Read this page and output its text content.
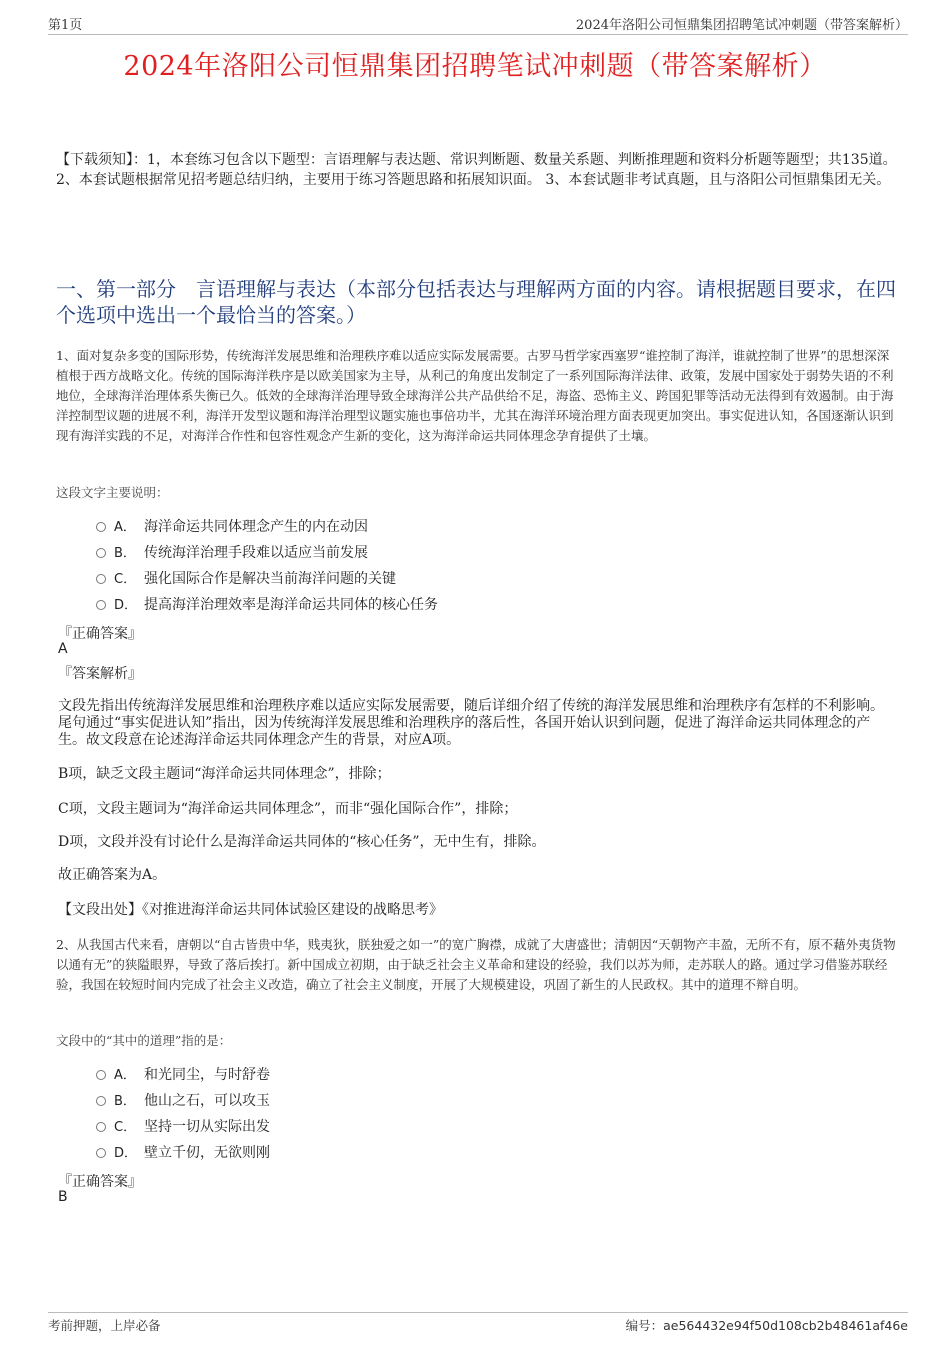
第1页	2024年洛阳公司恒鼎集团招聘笔试冲刺题（带答案解析）
2024年洛阳公司恒鼎集团招聘笔试冲刺题（带答案解析）
【下载须知】：1，本套练习包含以下题型：言语理解与表达题、常识判断题、数量关系题、判断推理题和资料分析题等题型；共135道。 2、本套试题根据常见招考题总结归纳，主要用于练习答题思路和拓展知识面。 3、本套试题非考试真题，且与洛阳公司恒鼎集团无关。
一、第一部分　言语理解与表达（本部分包括表达与理解两方面的内容。请根据题目要求，在四个选项中选出一个最恰当的答案。）
1、面对复杂多变的国际形势，传统海洋发展思维和治理秩序难以适应实际发展需要。古罗马哲学家西塞罗“谁控制了海洋，谁就控制了世界”的思想深深植根于西方战略文化。传统的国际海洋秩序是以欧美国家为主导，从利己的角度出发制定了一系列国际海洋法律、政策，发展中国家处于弱势失语的不利地位，全球海洋治理体系失衡已久。低效的全球海洋治理导致全球海洋公共产品供给不足，海盗、恐怖主义、跨国犯罪等活动无法得到有效遏制。由于海洋控制型议题的进展不利，海洋开发型议题和海洋治理型议题实施也事倍功半，尤其在海洋环境治理方面表现更加突出。事实促进认知，各国逐渐认识到现有海洋实践的不足，对海洋合作性和包容性观念产生新的变化，这为海洋命运共同体理念孕育提供了土壤。
这段文字主要说明：
A． 海洋命运共同体理念产生的内在动因
B． 传统海洋治理手段难以适应当前发展
C． 强化国际合作是解决当前海洋问题的关键
D． 提高海洋治理效率是海洋命运共同体的核心任务
『正确答案』
A
『答案解析』
文段先指出传统海洋发展思维和治理秩序难以适应实际发展需要，随后详细介绍了传统的海洋发展思维和治理秩序有怎样的不利影响。尾句通过“事实促进认知”指出，因为传统海洋发展思维和治理秩序的落后性，各国开始认识到问题，促进了海洋命运共同体理念的产生。故文段意在论述海洋命运共同体理念产生的背景，对应A项。
B项，缺乏文段主题词“海洋命运共同体理念”，排除；
C项，文段主题词为“海洋命运共同体理念”，而非“强化国际合作”，排除；
D项，文段并没有讨论什么是海洋命运共同体的“核心任务”，无中生有，排除。
故正确答案为A。
【文段出处】《对推进海洋命运共同体试验区建设的战略思考》
2、从我国古代来看，唐朝以“自古皆贵中华，贱夷狄，朕独爱之如一”的宽广胸襟，成就了大唐盛世；清朝因“天朝物产丰盈，无所不有，原不藉外夷货物以通有无”的狭隘眼界，导致了落后挨打。新中国成立初期，由于缺乏社会主义革命和建设的经验，我们以苏为师，走苏联人的路。通过学习借鉴苏联经验，我国在较短时间内完成了社会主义改造，确立了社会主义制度，开展了大规模建设，巩固了新生的人民政权。其中的道理不辩自明。
文段中的“其中的道理”指的是：
A． 和光同尘，与时舒卷
B． 他山之石，可以攻玉
C． 坚持一切从实际出发
D． 壁立千仞，无欲则刚
『正确答案』
B
考前押题，上岸必备	编号：ae564432e94f50d108cb2b48461af46e
